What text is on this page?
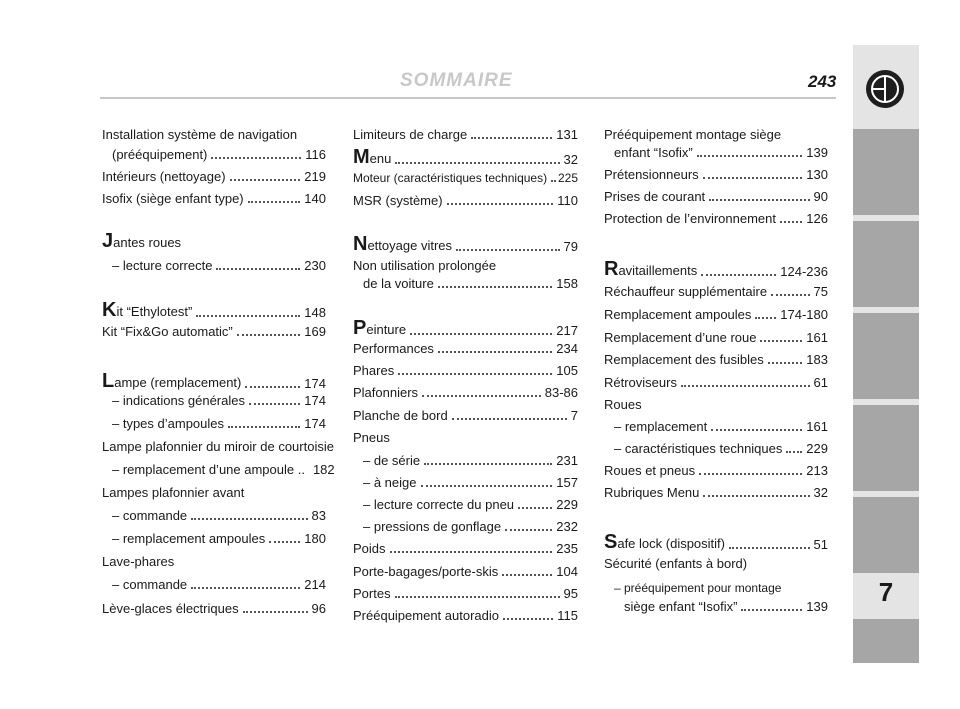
SOMMAIRE	243
7
Installation système de navigation
(prééquipement)	116
Intérieurs (nettoyage)	219
Isofix (siège enfant type)	140
Jantes roues
– lecture correcte	230
Kit “Ethylotest”	148
Kit “Fix&Go automatic”	169
Lampe (remplacement)	174
– indications générales	174
– types d’ampoules	174
Lampe plafonnier du miroir de courtoisie
– remplacement d’une ampoule .. 182
Lampes plafonnier avant
– commande	83
– remplacement ampoules	180
Lave-phares
– commande	214
Lève-glaces électriques	96
Limiteurs de charge	131
Menu	32
Moteur (caractéristiques techniques) 225
MSR (système)	110
Nettoyage vitres	79
Non utilisation prolongée
de la voiture	158
Peinture	217
Performances	234
Phares	105
Plafonniers	83-86
Planche de bord	7
Pneus
– de série	231
– à neige	157
– lecture correcte du pneu	229
– pressions de gonflage	232
Poids	235
Porte-bagages/porte-skis	104
Portes	95
Prééquipement autoradio	115
Prééquipement montage siège
enfant “Isofix”	139
Prétensionneurs	130
Prises de courant	90
Protection de l’environnement 126
Ravitaillements	124-236
Réchauffeur supplémentaire	75
Remplacement ampoules 174-180
Remplacement d’une roue	161
Remplacement des fusibles	183
Rétroviseurs	61
Roues
– remplacement	161
– caractéristiques techniques 229
Roues et pneus	213
Rubriques Menu	32
Safe lock (dispositif)	51
Sécurité (enfants à bord)
– prééquipement pour montage
siège enfant “Isofix”	139
